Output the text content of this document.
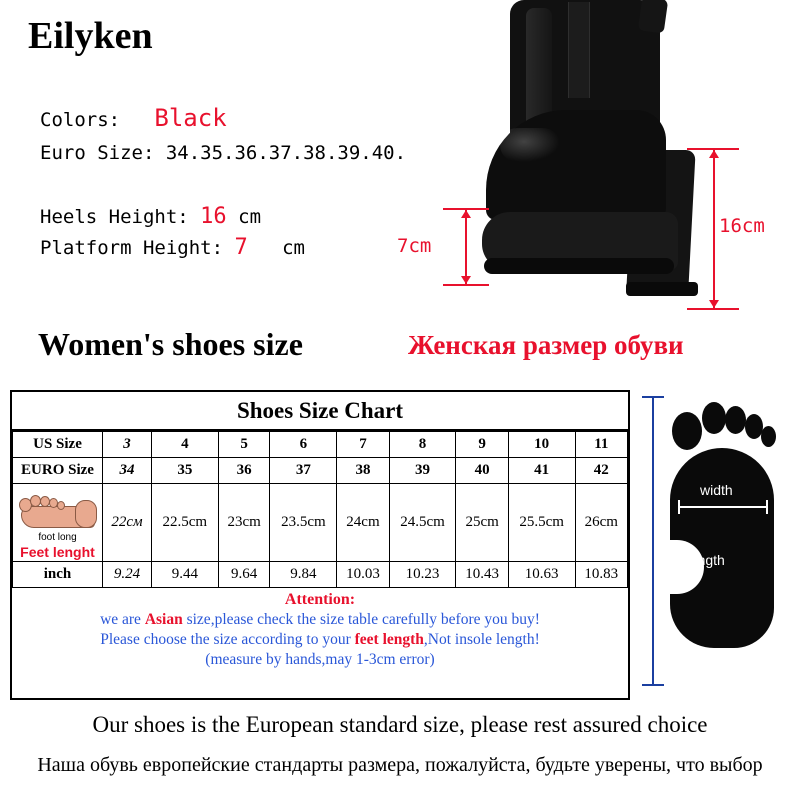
Eilyken
Colors: Black
Euro Size: 34.35.36.37.38.39.40.
Heels Height: 16 cm
Platform Height: 7 cm	7cm
16cm
Women's shoes size	Женская размер обуви
Shoes Size Chart
US Size	3	4	5	6	7	8	9	10	11
EURO Size	34	35	36	37	38	39	40	41	42

foot long
Feet lenght	22cм	22.5cm	23cm	23.5cm	24cm	24.5cm	25cm	25.5cm	26cm
inch	9.24	9.44	9.64	9.84	10.03	10.23	10.43	10.63	10.83
Attention:
we are Asian size,please check the size table carefully before you buy!
Please choose the size according to your feet length,Not insole length!
(measure by hands,may 1-3cm error)
width
Length
Our shoes is the European standard size, please rest assured choice
Наша обувь европейские стандарты размера, пожалуйста, будьте уверены, что выбор
